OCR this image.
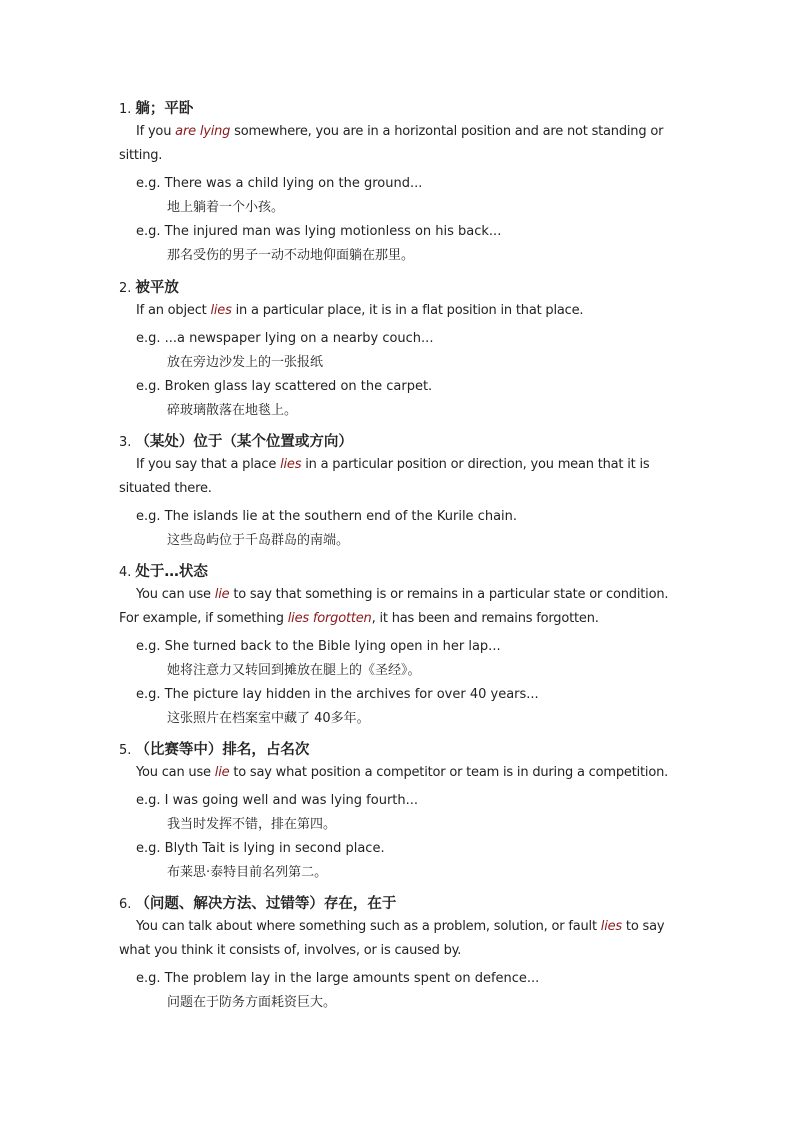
1. 躺；平卧
If you are lying somewhere, you are in a horizontal position and are not standing or sitting.
e.g. There was a child lying on the ground...
地上躺着一个小孩。
e.g. The injured man was lying motionless on his back...
那名受伤的男子一动不动地仰面躺在那里。
2. 被平放
If an object lies in a particular place, it is in a flat position in that place.
e.g. ...a newspaper lying on a nearby couch...
放在旁边沙发上的一张报纸
e.g. Broken glass lay scattered on the carpet.
碎玻璃散落在地毯上。
3. （某处）位于（某个位置或方向）
If you say that a place lies in a particular position or direction, you mean that it is situated there.
e.g. The islands lie at the southern end of the Kurile chain.
这些岛屿位于千岛群岛的南端。
4. 处于…状态
You can use lie to say that something is or remains in a particular state or condition. For example, if something lies forgotten, it has been and remains forgotten.
e.g. She turned back to the Bible lying open in her lap...
她将注意力又转回到摊放在腿上的《圣经》。
e.g. The picture lay hidden in the archives for over 40 years...
这张照片在档案室中藏了 40多年。
5. （比赛等中）排名，占名次
You can use lie to say what position a competitor or team is in during a competition.
e.g. I was going well and was lying fourth...
我当时发挥不错，排在第四。
e.g. Blyth Tait is lying in second place.
布莱思·泰特目前名列第二。
6. （问题、解决方法、过错等）存在，在于
You can talk about where something such as a problem, solution, or fault lies to say what you think it consists of, involves, or is caused by.
e.g. The problem lay in the large amounts spent on defence...
问题在于防务方面耗资巨大。
